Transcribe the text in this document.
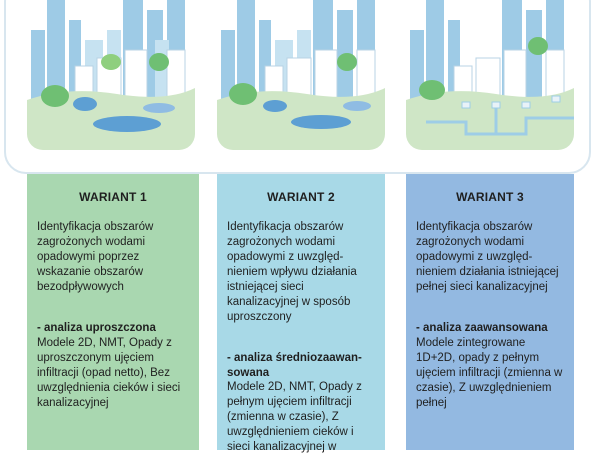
WARIANT 1
Identyfikacja obszarów zagrożonych wodami opadowymi poprzez wskazanie obszarów bezodpływowych
- analiza uproszczona
Modele 2D, NMT, Opady z uproszczonym ujęciem infiltracji (opad netto), Bez uwzględnienia cieków i sieci kanalizacyjnej
WARIANT 2
Identyfikacja obszarów zagrożonych wodami opadowymi z uwzględnieniem wpływu działania istniejącej sieci kanalizacyjnej w sposób uproszczony
- analiza średniozaawansowana
Modele 2D, NMT, Opady z pełnym ujęciem infiltracji (zmienna w czasie), Z uwzględnieniem cieków i sieci kanalizacyjnej w
WARIANT 3
Identyfikacja obszarów zagrożonych wodami opadowymi z uwzględnieniem działania istniejącej pełnej sieci kanalizacyjnej
- analiza zaawansowana
Modele zintegrowane 1D+2D, opady z pełnym ujęciem infiltracji (zmienna w czasie), Z uwzględnieniem pełnej
